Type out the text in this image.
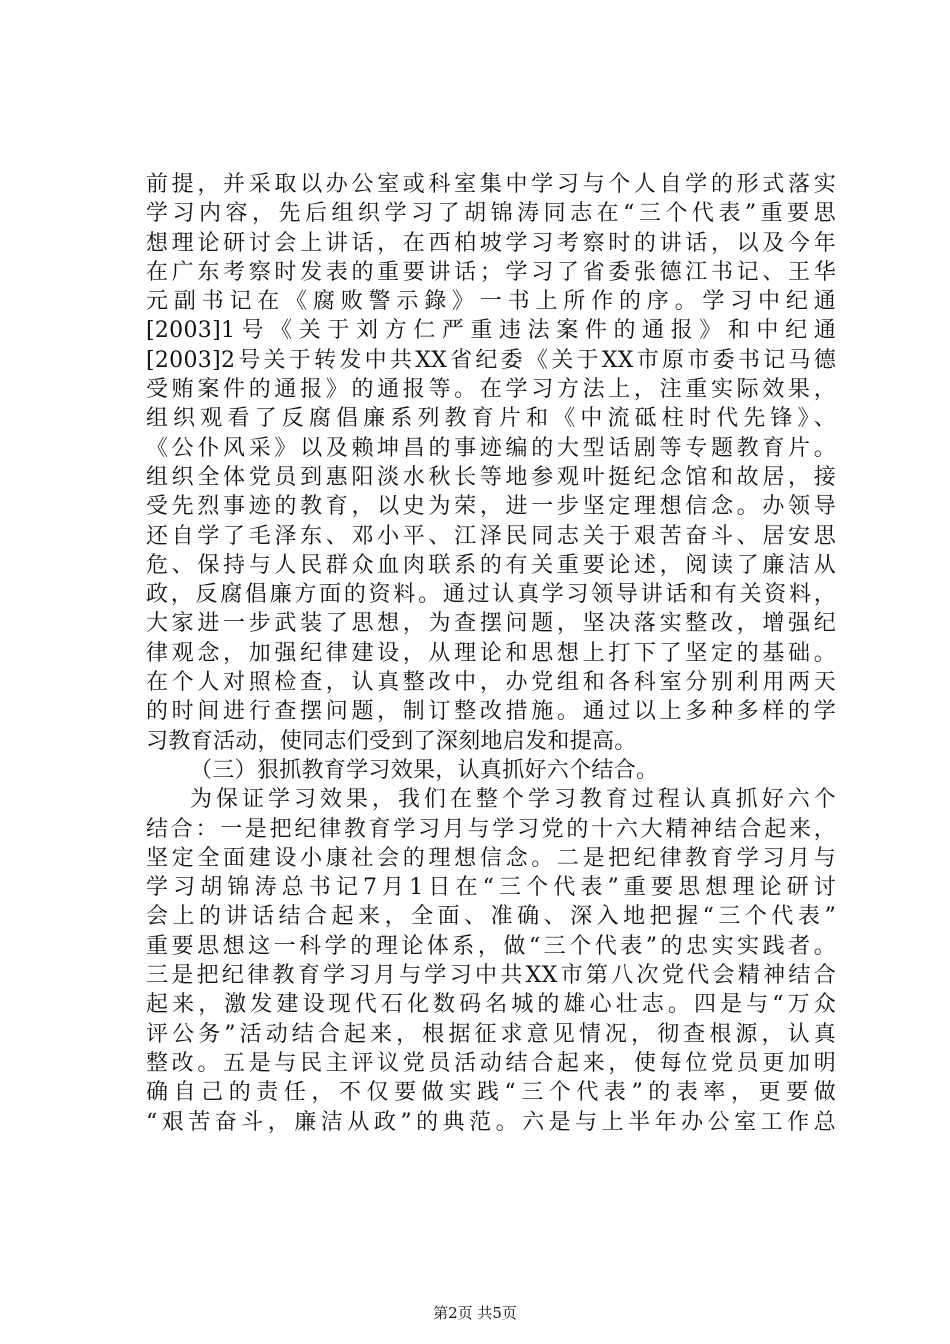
前提，并采取以办公室或科室集中学习与个人自学的形式落实
学习内容，先后组织学习了胡锦涛同志在“三个代表”重要思
想理论研讨会上讲话，在西柏坡学习考察时的讲话，以及今年
在广东考察时发表的重要讲话；学习了省委张德江书记、王华
元副书记在《腐败警示錄》一书上所作的序。学习中纪通
[2003]1号《关于刘方仁严重违法案件的通报》和中纪通
[2003]2号关于转发中共XX省纪委《关于XX市原市委书记马德
受贿案件的通报》的通报等。在学习方法上，注重实际效果，
组织观看了反腐倡廉系列教育片和《中流砥柱时代先锋》、
《公仆风采》以及赖坤昌的事迹编的大型话剧等专题教育片。
组织全体党员到惠阳淡水秋长等地参观叶挺纪念馆和故居，接
受先烈事迹的教育，以史为荣，进一步坚定理想信念。办领导
还自学了毛泽东、邓小平、江泽民同志关于艰苦奋斗、居安思
危、保持与人民群众血肉联系的有关重要论述，阅读了廉洁从
政，反腐倡廉方面的资料。通过认真学习领导讲话和有关资料，
大家进一步武装了思想，为查摆问题，坚决落实整改，增强纪
律观念，加强纪律建设，从理论和思想上打下了坚定的基础。
在个人对照检查，认真整改中，办党组和各科室分别利用两天
的时间进行查摆问题，制订整改措施。通过以上多种多样的学
习教育活动，使同志们受到了深刻地启发和提高。
（三）狠抓教育学习效果，认真抓好六个结合。
为保证学习效果，我们在整个学习教育过程认真抓好六个
结合：一是把纪律教育学习月与学习党的十六大精神结合起来，
坚定全面建设小康社会的理想信念。二是把纪律教育学习月与
学习胡锦涛总书记7月1日在“三个代表”重要思想理论研讨
会上的讲话结合起来，全面、准确、深入地把握“三个代表”
重要思想这一科学的理论体系，做“三个代表”的忠实实践者。
三是把纪律教育学习月与学习中共XX市第八次党代会精神结合
起来，激发建设现代石化数码名城的雄心壮志。四是与“万众
评公务”活动结合起来，根据征求意见情况，彻查根源，认真
整改。五是与民主评议党员活动结合起来，使每位党员更加明
确自己的责任，不仅要做实践“三个代表”的表率，更要做
“艰苦奋斗，廉洁从政”的典范。六是与上半年办公室工作总
第2页 共5页
